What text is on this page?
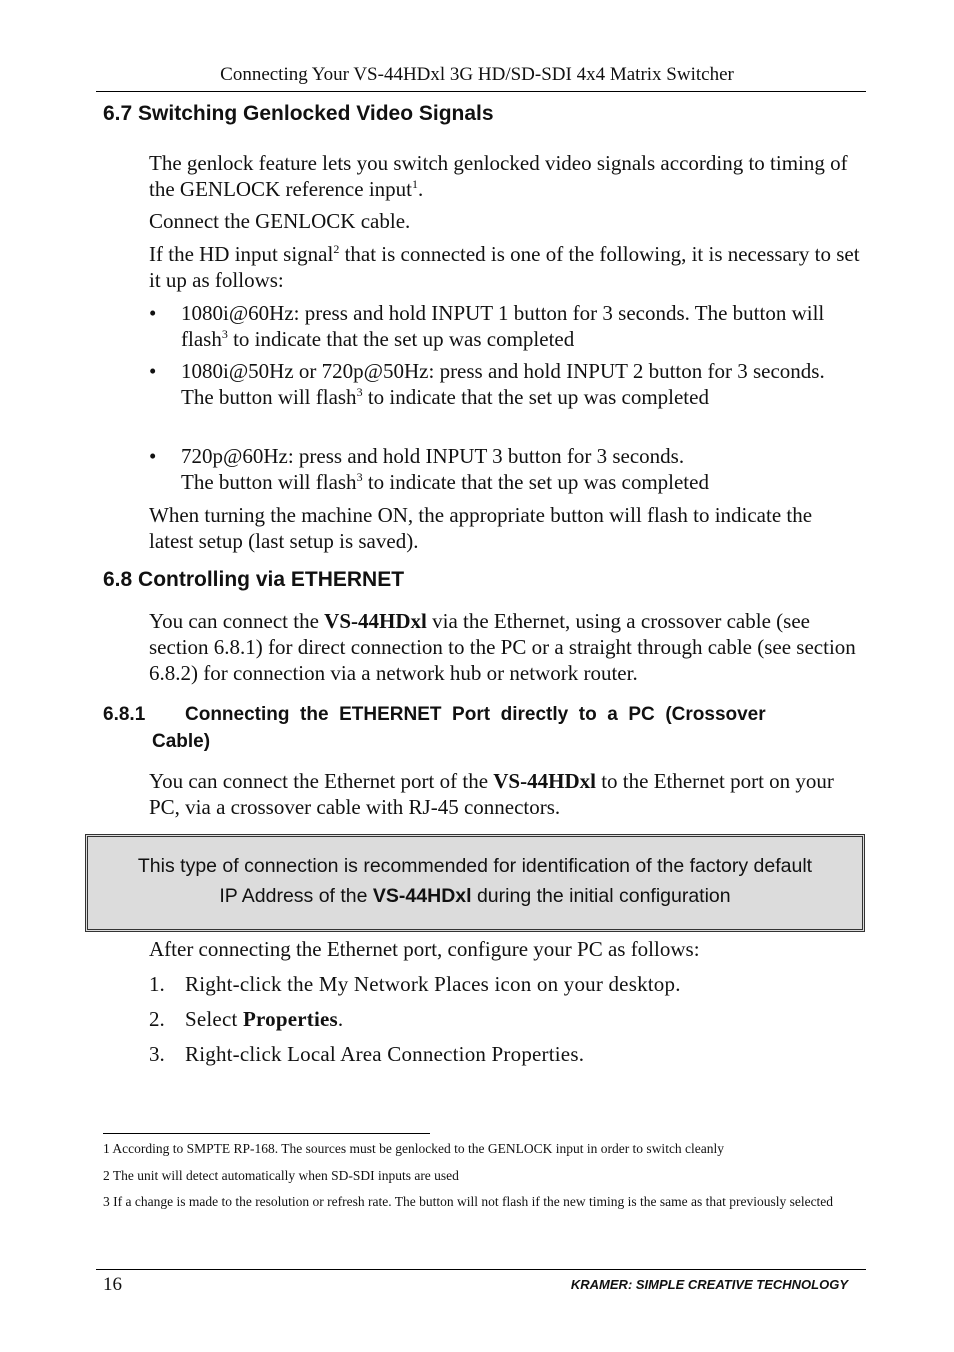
Connecting Your VS-44HDxl 3G HD/SD-SDI 4x4 Matrix Switcher
6.7 Switching Genlocked Video Signals
The genlock feature lets you switch genlocked video signals according to timing of the GENLOCK reference input$^1$.
Connect the GENLOCK cable.
If the HD input signal$^2$ that is connected is one of the following, it is necessary to set it up as follows:
• 1080i@60Hz: press and hold INPUT 1 button for 3 seconds. The button will flash$^3$ to indicate that the set up was completed
• 1080i@50Hz or 720p@50Hz: press and hold INPUT 2 button for 3 seconds.
The button will flash$^3$ to indicate that the set up was completed
• 720p@60Hz: press and hold INPUT 3 button for 3 seconds.
The button will flash$^3$ to indicate that the set up was completed
When turning the machine ON, the appropriate button will flash to indicate the latest setup (last setup is saved).
6.8 Controlling via ETHERNET
You can connect the VS-44HDxl via the Ethernet, using a crossover cable (see section 6.8.1) for direct connection to the PC or a straight through cable (see section 6.8.2) for connection via a network hub or network router.
6.8.1 Connecting  the  ETHERNET  Port  directly  to  a  PC  (Crossover
Cable)
You can connect the Ethernet port of the VS-44HDxl to the Ethernet port on your PC, via a crossover cable with RJ-45 connectors.
This type of connection is recommended for identification of the factory default
IP Address of the VS-44HDxl during the initial configuration
After connecting the Ethernet port, configure your PC as follows:
1. Right-click the My Network Places icon on your desktop.
2. Select Properties.
3. Right-click Local Area Connection Properties.
1 According to SMPTE RP-168. The sources must be genlocked to the GENLOCK input in order to switch cleanly
2 The unit will detect automatically when SD-SDI inputs are used
3 If a change is made to the resolution or refresh rate. The button will not flash if the new timing is the same as that previously selected
16	KRAMER: SIMPLE CREATIVE TECHNOLOGY
